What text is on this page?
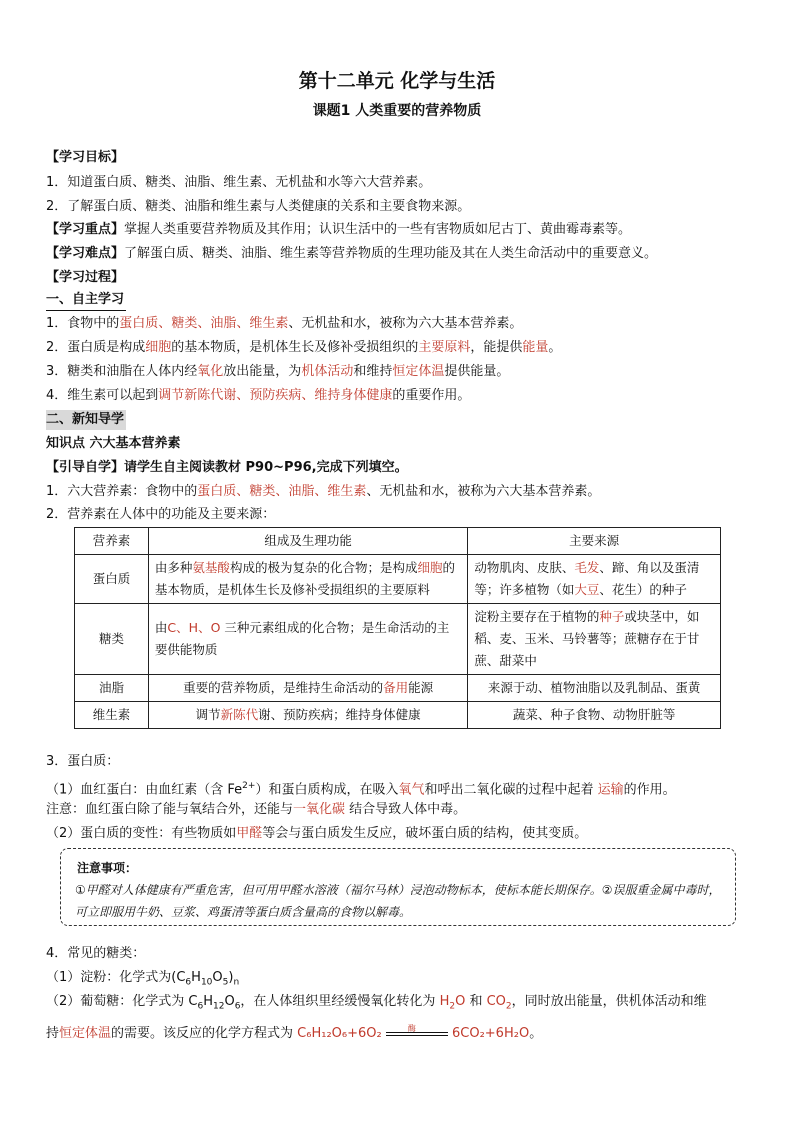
第十二单元 化学与生活
课题1 人类重要的营养物质
【学习目标】
1．知道蛋白质、糖类、油脂、维生素、无机盐和水等六大营养素。
2．了解蛋白质、糖类、油脂和维生素与人类健康的关系和主要食物来源。
【学习重点】掌握人类重要营养物质及其作用；认识生活中的一些有害物质如尼古丁、黄曲霉毒素等。
【学习难点】了解蛋白质、糖类、油脂、维生素等营养物质的生理功能及其在人类生命活动中的重要意义。
【学习过程】
一、自主学习
1．食物中的蛋白质、糖类、油脂、维生素、无机盐和水，被称为六大基本营养素。
2．蛋白质是构成细胞的基本物质，是机体生长及修补受损组织的主要原料，能提供能量。
3．糖类和油脂在人体内经氧化放出能量，为机体活动和维持恒定体温提供能量。
4．维生素可以起到调节新陈代谢、预防疾病、维持身体健康的重要作用。
二、新知导学
知识点 六大基本营养素
【引导自学】请学生自主阅读教材 P90~P96,完成下列填空。
1．六大营养素：食物中的蛋白质、糖类、油脂、维生素、无机盐和水，被称为六大基本营养素。
2．营养素在人体中的功能及主要来源：
营养素	组成及生理功能	主要来源
蛋白质	由多种氨基酸构成的极为复杂的化合物；是构成细胞的基本物质，是机体生长及修补受损组织的主要原料	动物肌肉、皮肤、毛发、蹄、角以及蛋清等；许多植物（如大豆、花生）的种子
糖类	由C、H、O 三种元素组成的化合物；是生命活动的主要供能物质	淀粉主要存在于植物的种子或块茎中，如稻、麦、玉米、马铃薯等；蔗糖存在于甘蔗、甜菜中
油脂	重要的营养物质，是维持生命活动的备用能源	来源于动、植物油脂以及乳制品、蛋黄
维生素	调节新陈代谢、预防疾病；维持身体健康	蔬菜、种子食物、动物肝脏等
3．蛋白质：
（1）血红蛋白：由血红素（含 $Fe^{2+}$）和蛋白质构成，在吸入氧气和呼出二氧化碳的过程中起着 运输的作用。
注意：血红蛋白除了能与氧结合外，还能与一氧化碳 结合导致人体中毒。
（2）蛋白质的变性：有些物质如甲醛等会与蛋白质发生反应，破坏蛋白质的结构，使其变质。
注意事项：
①甲醛对人体健康有严重危害，但可用甲醛水溶液（福尔马林）浸泡动物标本，使标本能长期保存。②误服重金属中毒时，可立即服用牛奶、豆浆、鸡蛋清等蛋白质含量高的食物以解毒。
4．常见的糖类：
（1）淀粉：化学式为$(C_6H_{10}O_5)_n$
（2）葡萄糖：化学式为 $C_6H_{12}O_6$，在人体组织里经缓慢氧化转化为 $H_2O$ 和 $CO_2$，同时放出能量，供机体活动和维
持恒定体温的需要。该反应的化学方程式为 C₆H₁₂O₆+6O₂	酶	6CO₂+6H₂O。
